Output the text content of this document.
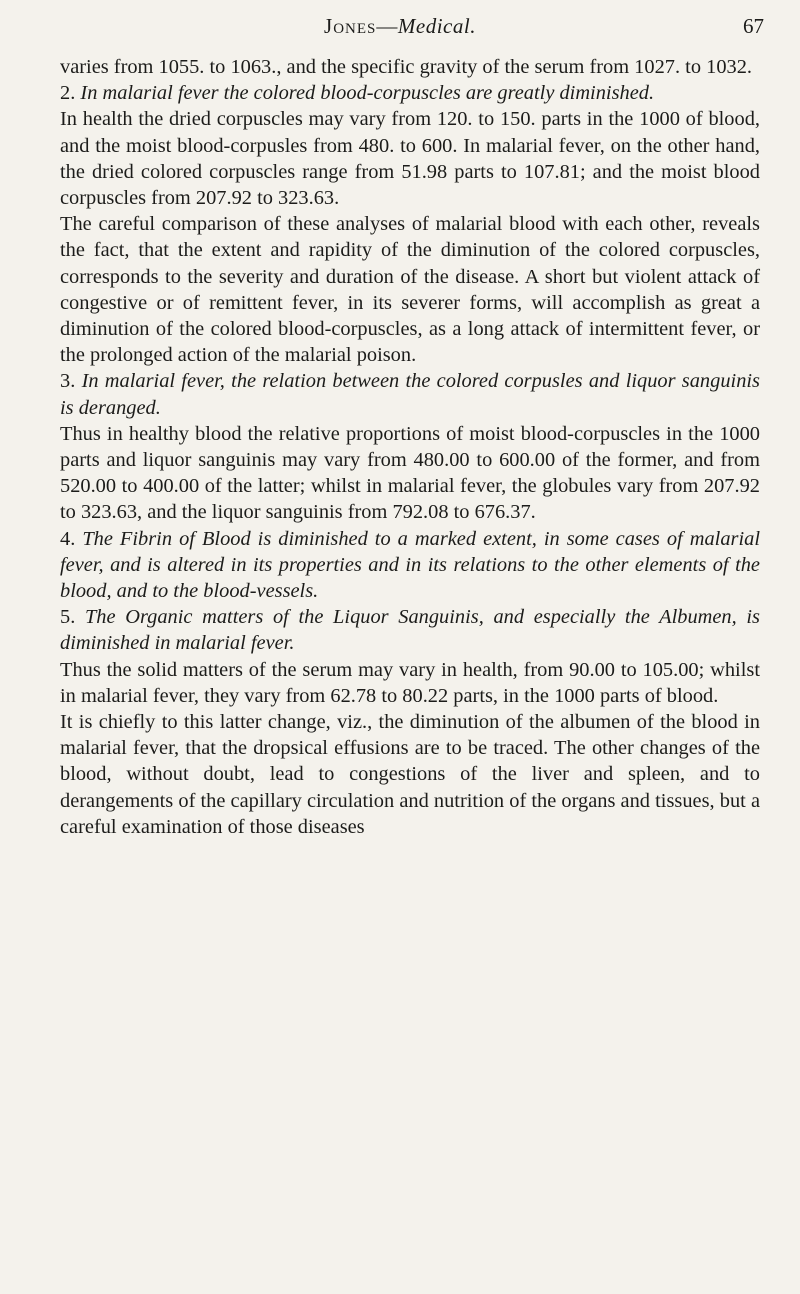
Jones—Medical.	67

varies from 1055. to 1063., and the specific gravity of the serum from 1027. to 1032.

2. In malarial fever the colored blood-corpuscles are greatly diminished.

In health the dried corpuscles may vary from 120. to 150. parts in the 1000 of blood, and the moist blood-corpusles from 480. to 600. In malarial fever, on the other hand, the dried colored corpuscles range from 51.98 parts to 107.81; and the moist blood corpuscles from 207.92 to 323.63.

The careful comparison of these analyses of malarial blood with each other, reveals the fact, that the extent and rapidity of the diminution of the colored corpuscles, corresponds to the severity and duration of the disease. A short but violent attack of congestive or of remittent fever, in its severer forms, will accomplish as great a diminution of the colored blood-corpuscles, as a long attack of intermittent fever, or the prolonged action of the malarial poison.

3. In malarial fever, the relation between the colored corpusles and liquor sanguinis is deranged.

Thus in healthy blood the relative proportions of moist blood-corpuscles in the 1000 parts and liquor sanguinis may vary from 480.00 to 600.00 of the former, and from 520.00 to 400.00 of the latter; whilst in malarial fever, the globules vary from 207.92 to 323.63, and the liquor sanguinis from 792.08 to 676.37.

4. The Fibrin of Blood is diminished to a marked extent, in some cases of malarial fever, and is altered in its properties and in its relations to the other elements of the blood, and to the blood-vessels.

5. The Organic matters of the Liquor Sanguinis, and especially the Albumen, is diminished in malarial fever.

Thus the solid matters of the serum may vary in health, from 90.00 to 105.00; whilst in malarial fever, they vary from 62.78 to 80.22 parts, in the 1000 parts of blood.

It is chiefly to this latter change, viz., the diminution of the albumen of the blood in malarial fever, that the dropsical effusions are to be traced. The other changes of the blood, without doubt, lead to congestions of the liver and spleen, and to derangements of the capillary circulation and nutrition of the organs and tissues, but a careful examination of those diseases
